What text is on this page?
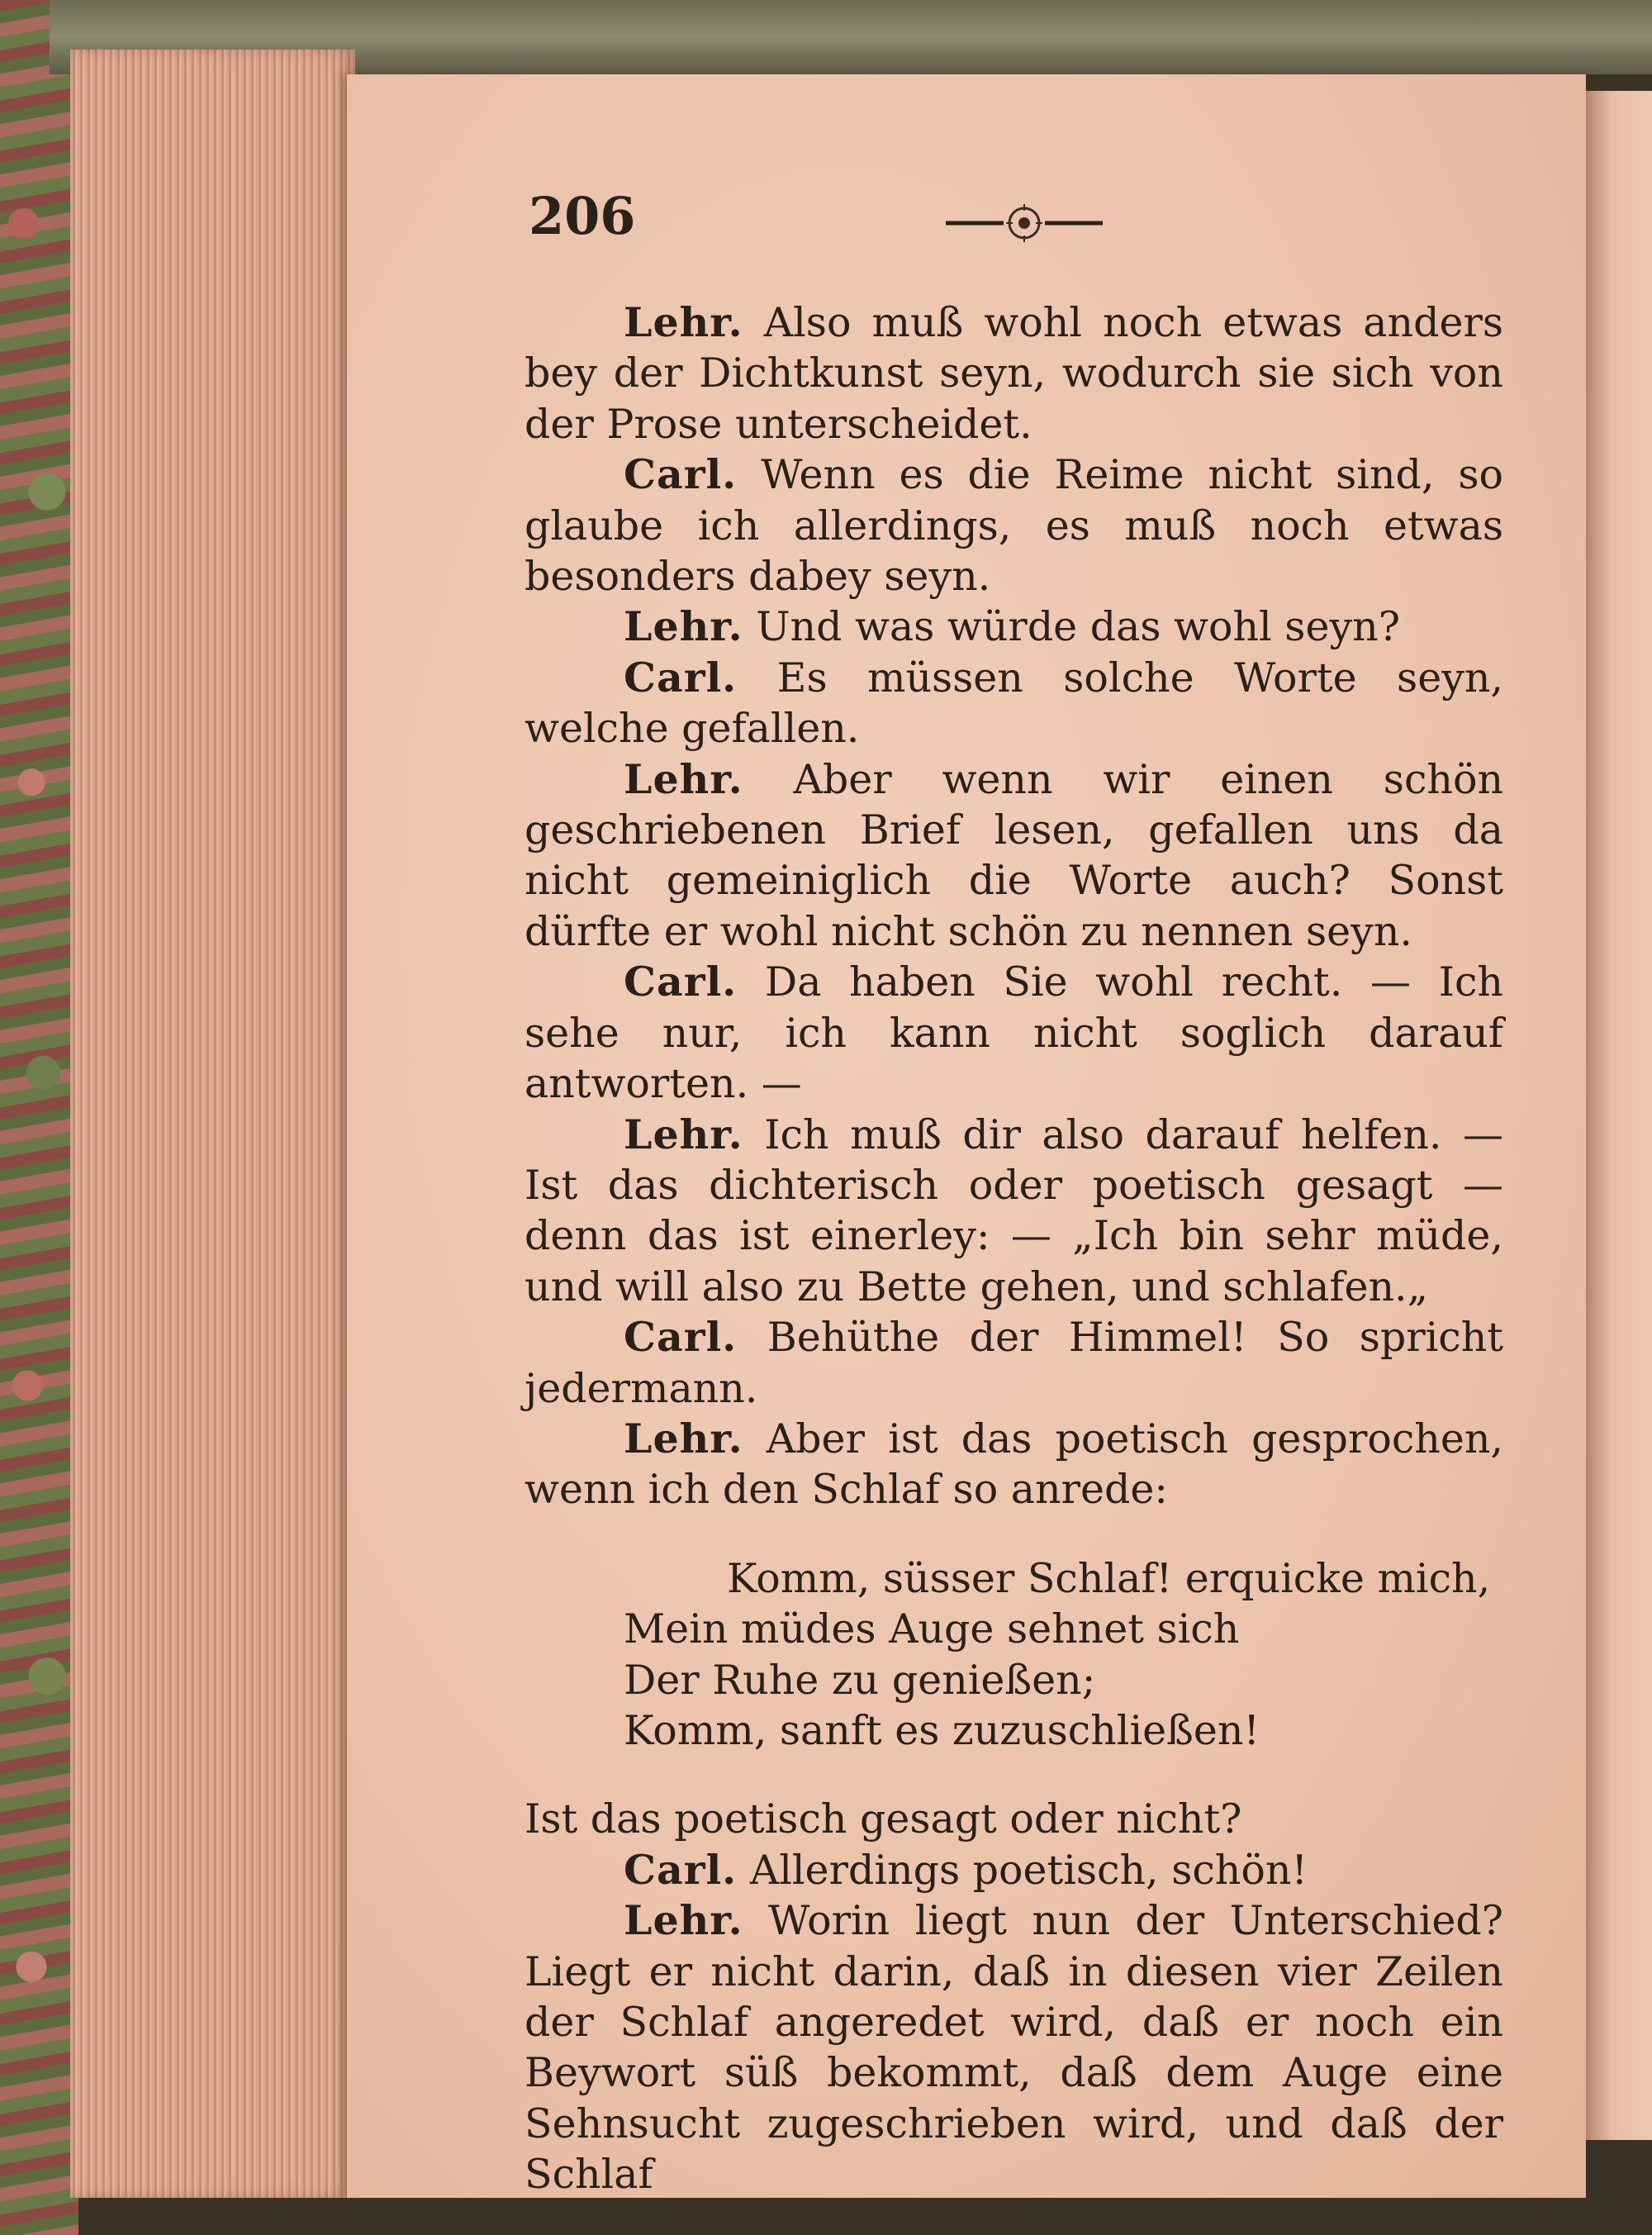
206

Lehr. Also muß wohl noch etwas anders bey der Dichtkunst seyn, wodurch sie sich von der Prose unterscheidet.

Carl. Wenn es die Reime nicht sind, so glaube ich allerdings, es muß noch etwas besonders dabey seyn.

Lehr. Und was würde das wohl seyn?

Carl. Es müssen solche Worte seyn, welche gefallen.

Lehr. Aber wenn wir einen schön geschriebenen Brief lesen, gefallen uns da nicht gemeiniglich die Worte auch? Sonst dürfte er wohl nicht schön zu nennen seyn.

Carl. Da haben Sie wohl recht. — Ich sehe nur, ich kann nicht soglich darauf antworten. —

Lehr. Ich muß dir also darauf helfen. — Ist das dichterisch oder poetisch gesagt — denn das ist einerley: — „Ich bin sehr müde, und will also zu Bette gehen, und schlafen.„

Carl. Behüthe der Himmel! So spricht jedermann.

Lehr. Aber ist das poetisch gesprochen, wenn ich den Schlaf so anrede:

Komm, süsser Schlaf! erquicke mich,
Mein müdes Auge sehnet sich
Der Ruhe zu genießen;
Komm, sanft es zuzuschließen!

Ist das poetisch gesagt oder nicht?

Carl. Allerdings poetisch, schön!

Lehr. Worin liegt nun der Unterschied? Liegt er nicht darin, daß in diesen vier Zeilen der Schlaf angeredet wird, daß er noch ein Beywort süß bekommt, daß dem Auge eine Sehnsucht zugeschrieben wird, und daß der Schlaf
